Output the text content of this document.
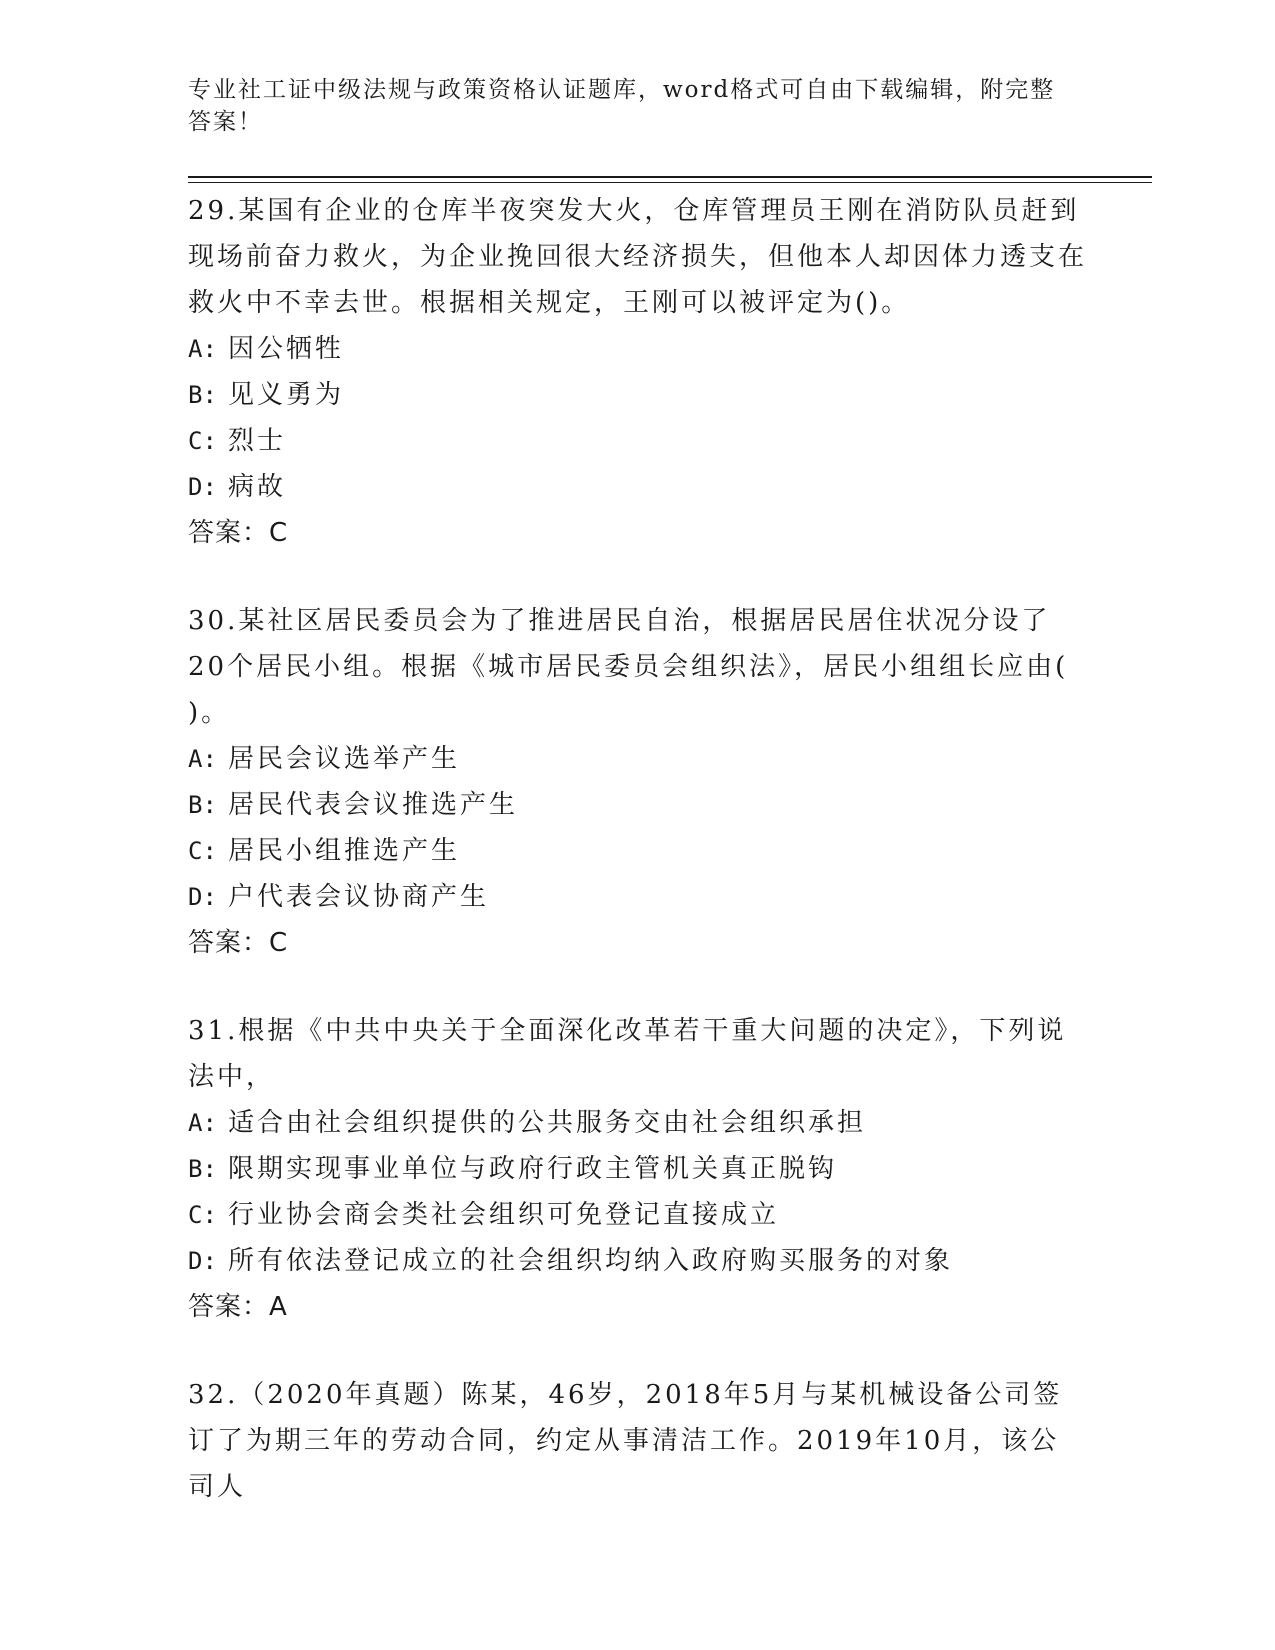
专业社工证中级法规与政策资格认证题库，word格式可自由下载编辑，附完整答案！
29.某国有企业的仓库半夜突发大火，仓库管理员王刚在消防队员赶到现场前奋力救火，为企业挽回很大经济损失，但他本人却因体力透支在救火中不幸去世。根据相关规定，王刚可以被评定为()。
A: 因公牺牲
B: 见义勇为
C: 烈士
D: 病故
答案：C
30.某社区居民委员会为了推进居民自治，根据居民居住状况分设了20个居民小组。根据《城市居民委员会组织法》，居民小组组长应由( )。
A: 居民会议选举产生
B: 居民代表会议推选产生
C: 居民小组推选产生
D: 户代表会议协商产生
答案：C
31.根据《中共中央关于全面深化改革若干重大问题的决定》，下列说法中，
A: 适合由社会组织提供的公共服务交由社会组织承担
B: 限期实现事业单位与政府行政主管机关真正脱钩
C: 行业协会商会类社会组织可免登记直接成立
D: 所有依法登记成立的社会组织均纳入政府购买服务的对象
答案：A
32.（2020年真题）陈某，46岁，2018年5月与某机械设备公司签订了为期三年的劳动合同，约定从事清洁工作。2019年10月，该公司人
